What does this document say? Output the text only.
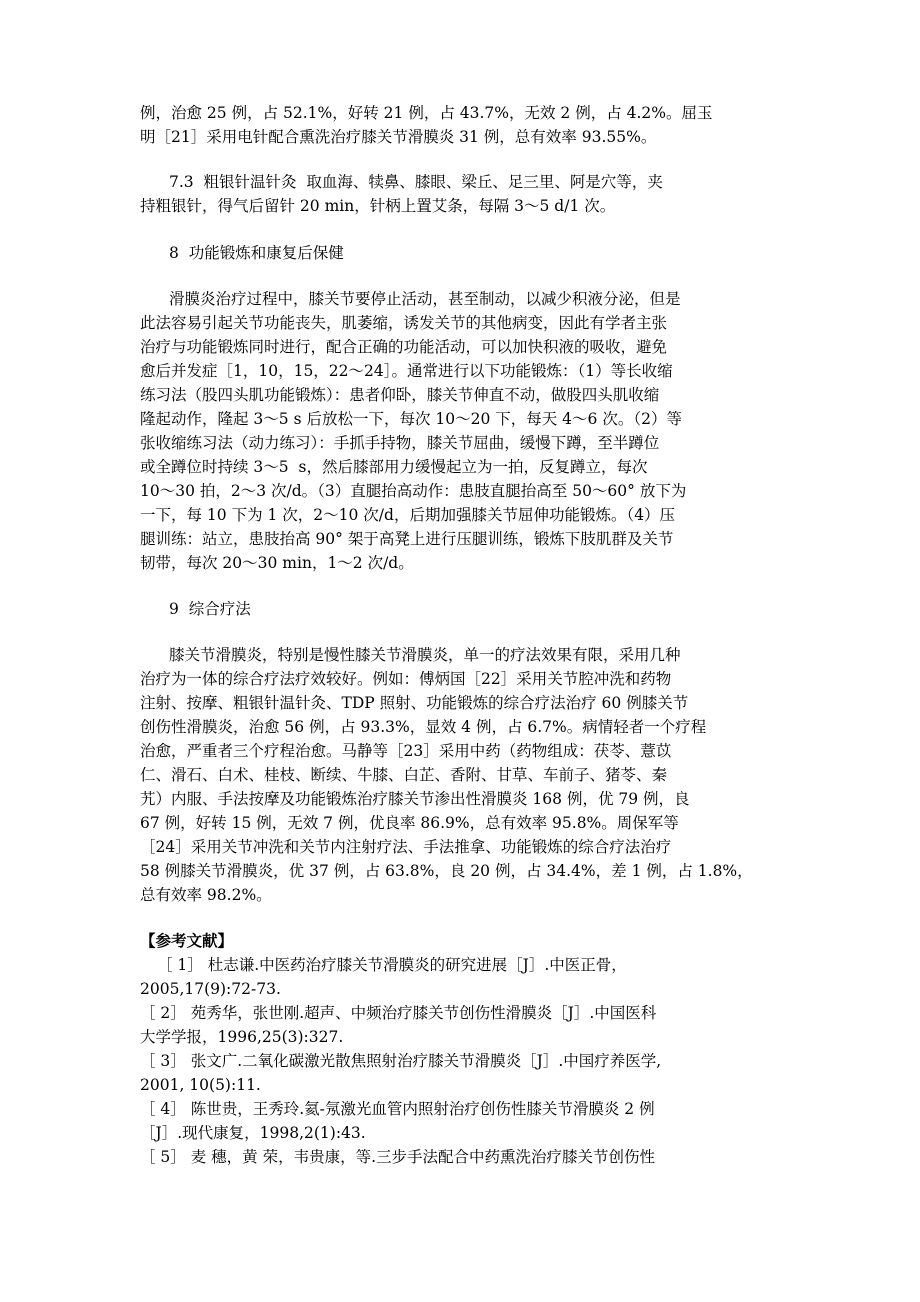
例，治愈 25 例，占 52.1%，好转 21 例，占 43.7%，无效 2 例，占 4.2%。屈玉
明［21］采用电针配合熏洗治疗膝关节滑膜炎 31 例，总有效率 93.55%。
7.3  粗银针温针灸  取血海、犊鼻、膝眼、梁丘、足三里、阿是穴等，夹
持粗银针，得气后留针 20 min，针柄上置艾条，每隔 3～5 d/1 次。
8  功能锻炼和康复后保健
滑膜炎治疗过程中，膝关节要停止活动，甚至制动，以减少积液分泌，但是
此法容易引起关节功能丧失，肌萎缩，诱发关节的其他病变，因此有学者主张
治疗与功能锻炼同时进行，配合正确的功能活动，可以加快积液的吸收，避免
愈后并发症［1，10，15，22～24］。通常进行以下功能锻炼：（1）等长收缩
练习法（股四头肌功能锻炼）：患者仰卧，膝关节伸直不动，做股四头肌收缩
隆起动作，隆起 3～5 s 后放松一下，每次 10～20 下，每天 4～6 次。（2）等
张收缩练习法（动力练习）：手抓手持物，膝关节屈曲，缓慢下蹲，至半蹲位
或全蹲位时持续 3～5  s，然后膝部用力缓慢起立为一拍，反复蹲立，每次
10～30 拍，2～3 次/d。（3）直腿抬高动作：患肢直腿抬高至 50～60° 放下为
一下，每 10 下为 1 次，2～10 次/d，后期加强膝关节屈伸功能锻炼。（4）压
腿训练：站立，患肢抬高 90° 架于高凳上进行压腿训练，锻炼下肢肌群及关节
韧带，每次 20～30 min，1～2 次/d。
9  综合疗法
膝关节滑膜炎，特别是慢性膝关节滑膜炎，单一的疗法效果有限，采用几种
治疗为一体的综合疗法疗效较好。例如：傅炳国［22］采用关节腔冲洗和药物
注射、按摩、粗银针温针灸、TDP 照射、功能锻炼的综合疗法治疗 60 例膝关节
创伤性滑膜炎，治愈 56 例，占 93.3%，显效 4 例，占 6.7%。病情轻者一个疗程
治愈，严重者三个疗程治愈。马静等［23］采用中药（药物组成：茯苓、薏苡
仁、滑石、白术、桂枝、断续、牛膝、白芷、香附、甘草、车前子、猪苓、秦
艽）内服、手法按摩及功能锻炼治疗膝关节渗出性滑膜炎 168 例，优 79 例，良
67 例，好转 15 例，无效 7 例，优良率 86.9%，总有效率 95.8%。周保军等
［24］采用关节冲洗和关节内注射疗法、手法推拿、功能锻炼的综合疗法治疗
58 例膝关节滑膜炎，优 37 例，占 63.8%，良 20 例，占 34.4%，差 1 例，占 1.8%，
总有效率 98.2%。
【参考文献】
［ 1］ 杜志谦.中医药治疗膝关节滑膜炎的研究进展［J］.中医正骨，
2005,17(9):72-73.
［ 2］ 苑秀华，张世刚.超声、中频治疗膝关节创伤性滑膜炎［J］.中国医科
大学学报，1996,25(3):327.
［ 3］ 张文广.二氧化碳激光散焦照射治疗膝关节滑膜炎［J］.中国疗养医学,
2001, 10(5):11.
［ 4］ 陈世贵，王秀玲.氦-氖激光血管内照射治疗创伤性膝关节滑膜炎 2 例
［J］.现代康复，1998,2(1):43.
［ 5］ 麦 穗，黄 荣，韦贵康，等.三步手法配合中药熏洗治疗膝关节创伤性
